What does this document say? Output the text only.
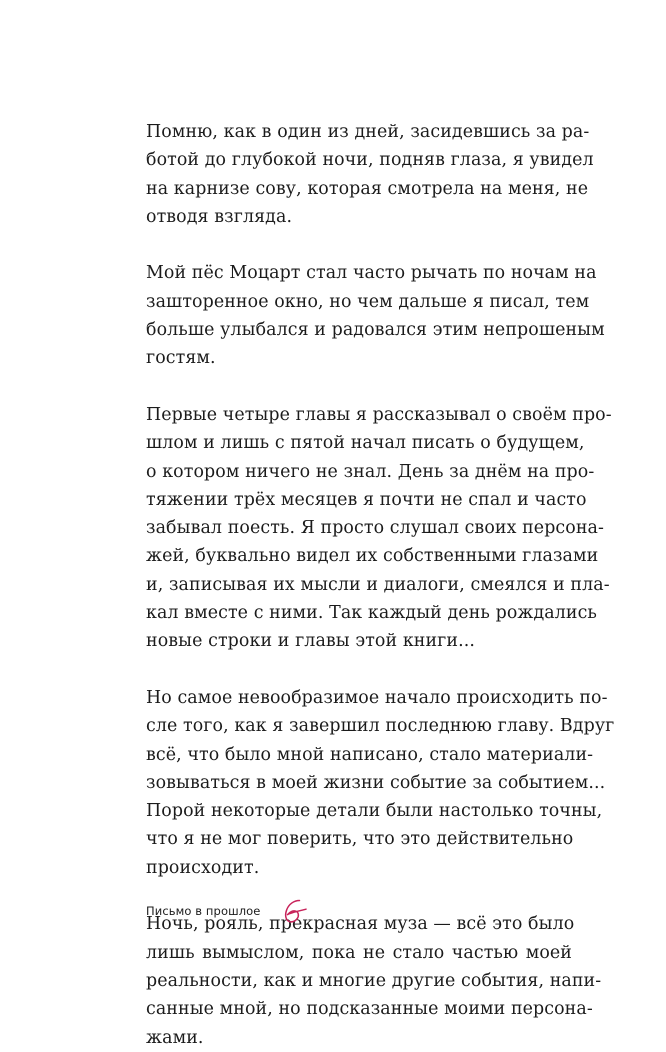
Помню, как в один из дней, засидевшись за ра-
ботой до глубокой ночи, подняв глаза, я увидел
на карнизе сову, которая смотрела на меня, не
отводя взгляда.
Мой пёс Моцарт стал часто рычать по ночам на
зашторенное окно, но чем дальше я писал, тем
больше улыбался и радовался этим непрошеным
гостям.
Первые четыре главы я рассказывал о своём про-
шлом и лишь с пятой начал писать о будущем,
о котором ничего не знал. День за днём на про-
тяжении трёх месяцев я почти не спал и часто
забывал поесть. Я просто слушал своих персона-
жей, буквально видел их собственными глазами
и, записывая их мысли и диалоги, смеялся и пла-
кал вместе с ними. Так каждый день рождались
новые строки и главы этой книги...
Но самое невообразимое начало происходить по-
сле того, как я завершил последнюю главу. Вдруг
всё, что было мной написано, стало материали-
зовываться в моей жизни событие за событием...
Порой некоторые детали были настолько точны,
что я не мог поверить, что это действительно
происходит.
Ночь, рояль, прекрасная муза — всё это было
лишь вымыслом, пока не стало частью моей
реальности, как и многие другие события, напи-
санные мной, но подсказанные моими персона-
жами.
Письмо в прошлое
